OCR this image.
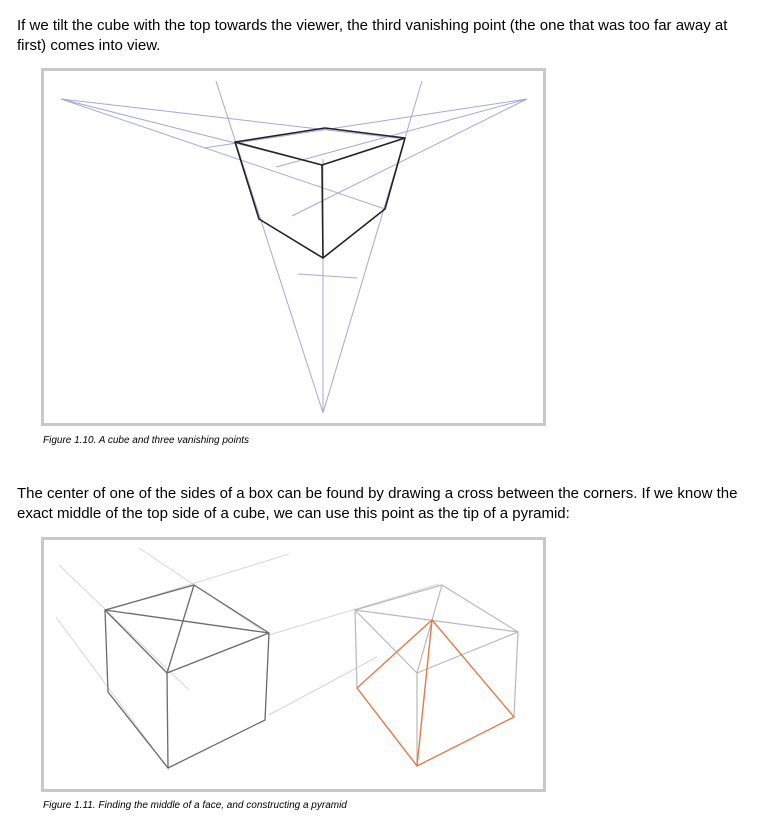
If we tilt the cube with the top towards the viewer, the third vanishing point (the one that was too far away at first) comes into view.

Figure 1.10. A cube and three vanishing points

The center of one of the sides of a box can be found by drawing a cross between the corners. If we know the exact middle of the top side of a cube, we can use this point as the tip of a pyramid:

Figure 1.11. Finding the middle of a face, and constructing a pyramid
